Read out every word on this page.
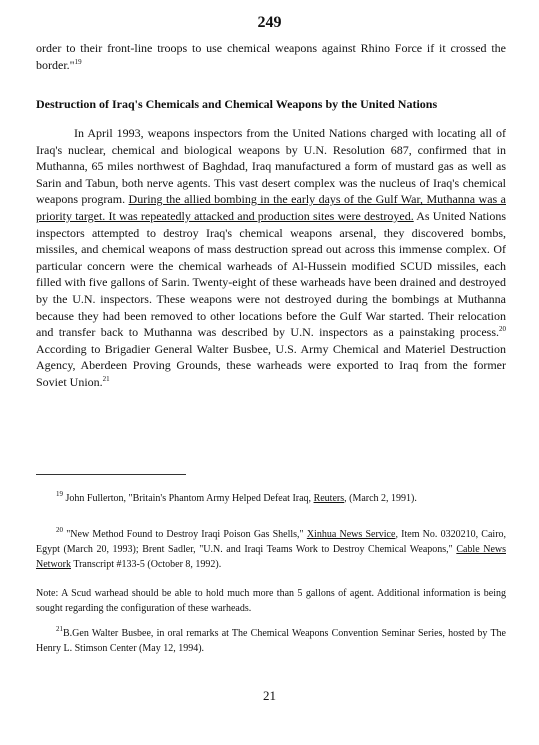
249
order to their front-line troops to use chemical weapons against Rhino Force if it crossed the border."$^{19}$
Destruction of Iraq's Chemicals and Chemical Weapons by the United Nations
In April 1993, weapons inspectors from the United Nations charged with locating all of Iraq's nuclear, chemical and biological weapons by U.N. Resolution 687, confirmed that in Muthanna, 65 miles northwest of Baghdad, Iraq manufactured a form of mustard gas as well as Sarin and Tabun, both nerve agents. This vast desert complex was the nucleus of Iraq's chemical weapons program. During the allied bombing in the early days of the Gulf War, Muthanna was a priority target. It was repeatedly attacked and production sites were destroyed. As United Nations inspectors attempted to destroy Iraq's chemical weapons arsenal, they discovered bombs, missiles, and chemical weapons of mass destruction spread out across this immense complex. Of particular concern were the chemical warheads of Al-Hussein modified SCUD missiles, each filled with five gallons of Sarin. Twenty-eight of these warheads have been drained and destroyed by the U.N. inspectors. These weapons were not destroyed during the bombings at Muthanna because they had been removed to other locations before the Gulf War started. Their relocation and transfer back to Muthanna was described by U.N. inspectors as a painstaking process.$^{20}$ According to Brigadier General Walter Busbee, U.S. Army Chemical and Materiel Destruction Agency, Aberdeen Proving Grounds, these warheads were exported to Iraq from the former Soviet Union.$^{21}$
$^{19}$ John Fullerton, "Britain's Phantom Army Helped Defeat Iraq, Reuters, (March 2, 1991).
$^{20}$ "New Method Found to Destroy Iraqi Poison Gas Shells," Xinhua News Service, Item No. 0320210, Cairo, Egypt (March 20, 1993); Brent Sadler, "U.N. and Iraqi Teams Work to Destroy Chemical Weapons," Cable News Network Transcript #133-5 (October 8, 1992).
Note: A Scud warhead should be able to hold much more than 5 gallons of agent. Additional information is being sought regarding the configuration of these warheads.
$^{21}$B.Gen Walter Busbee, in oral remarks at The Chemical Weapons Convention Seminar Series, hosted by The Henry L. Stimson Center (May 12, 1994).
21
